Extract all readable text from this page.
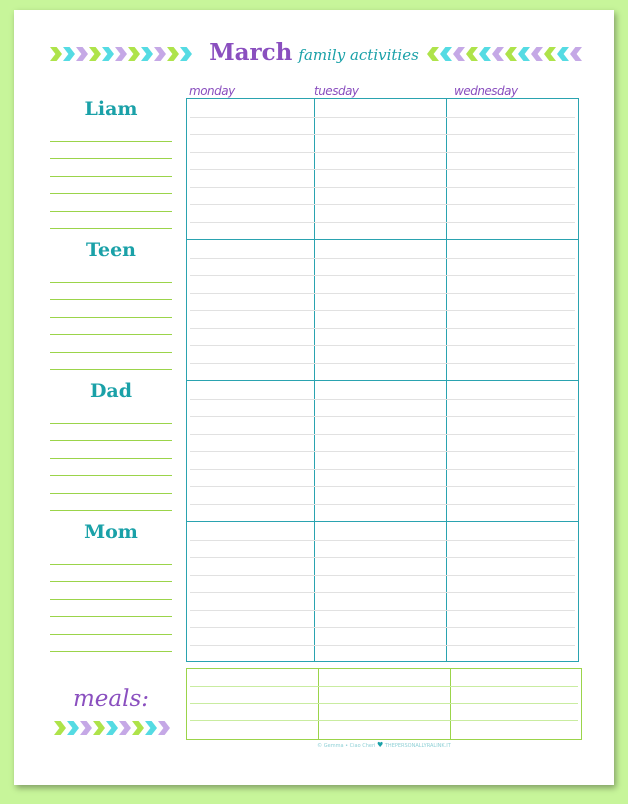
March family activities
Liam
Teen
Dad
Mom
monday	tuesday	wednesday
meals:
© Gemma • Ciao Cheri ♥ THEPERSONALLYRALINK.IT
